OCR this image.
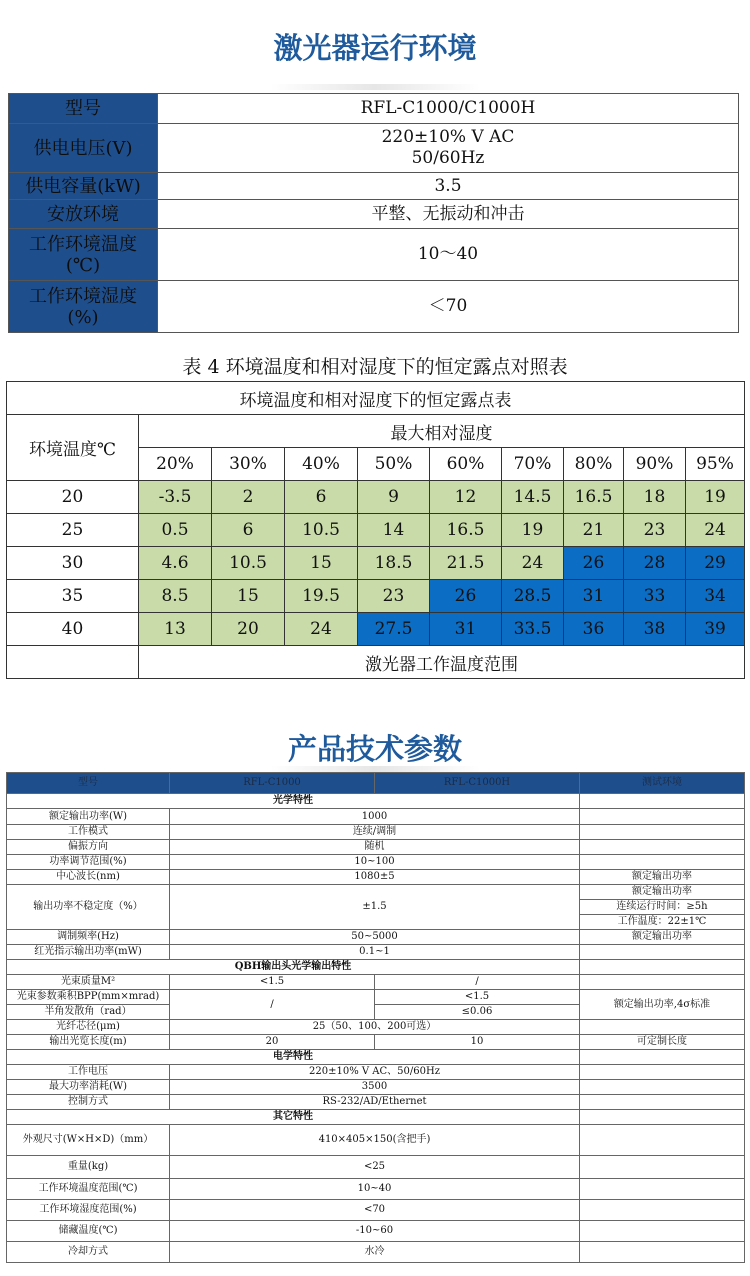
激光器运行环境
型号	RFL-C1000/C1000H
供电电压(V)	220±10% V AC
50/60Hz

供电容量(kW)	3.5
安放环境	平整、无振动和冲击

工作环境温度
(℃)	10～40

工作环境湿度
(%)	＜70
表 4 环境温度和相对湿度下的恒定露点对照表
环境温度和相对湿度下的恒定露点表									
环境温度℃	最大相对湿度								
	20%	30%	40%	50%	60%	70%	80%	90%	95%
20	-3.5	2	6	9	12	14.5	16.5	18	19
25	0.5	6	10.5	14	16.5	19	21	23	24
30	4.6	10.5	15	18.5	21.5	24	26	28	29
35	8.5	15	19.5	23	26	28.5	31	33	34
40	13	20	24	27.5	31	33.5	36	38	39
	激光器工作温度范围								
产品技术参数
型号	RFL-C1000	RFL-C1000H	测试环境
光学特性			
额定输出功率(W)	1000		
工作模式	连续/调制		
偏振方向	随机		
功率调节范围(%)	10~100		
中心波长(nm)	1080±5		额定输出功率
输出功率不稳定度（%）	±1.5		额定输出功率
			连续运行时间：≥5h
			工作温度：22±1℃
调制频率(Hz)	50~5000		额定输出功率
红光指示输出功率(mW)	0.1~1		
QBH输出头光学输出特性			
光束质量M²	<1.5	/	
光束参数乘积BPP(mm×mrad)	/	<1.5	额定输出功率,4σ标准
半角发散角（rad）		≤0.06	
光纤芯径(μm)	25（50、100、200可选）		
输出光览长度(m)	20	10	可定制长度
电学特性			
工作电压	220±10% V AC、50/60Hz		
最大功率消耗(W)	3500		
控制方式	RS-232/AD/Ethernet		
其它特性			
外观尺寸(W×H×D)（mm）	410×405×150(含把手)		
重量(kg)	<25		
工作环境温度范围(℃)	10~40		
工作环境湿度范围(%)	<70		
储藏温度(℃)	-10~60		
冷却方式	水冷		
